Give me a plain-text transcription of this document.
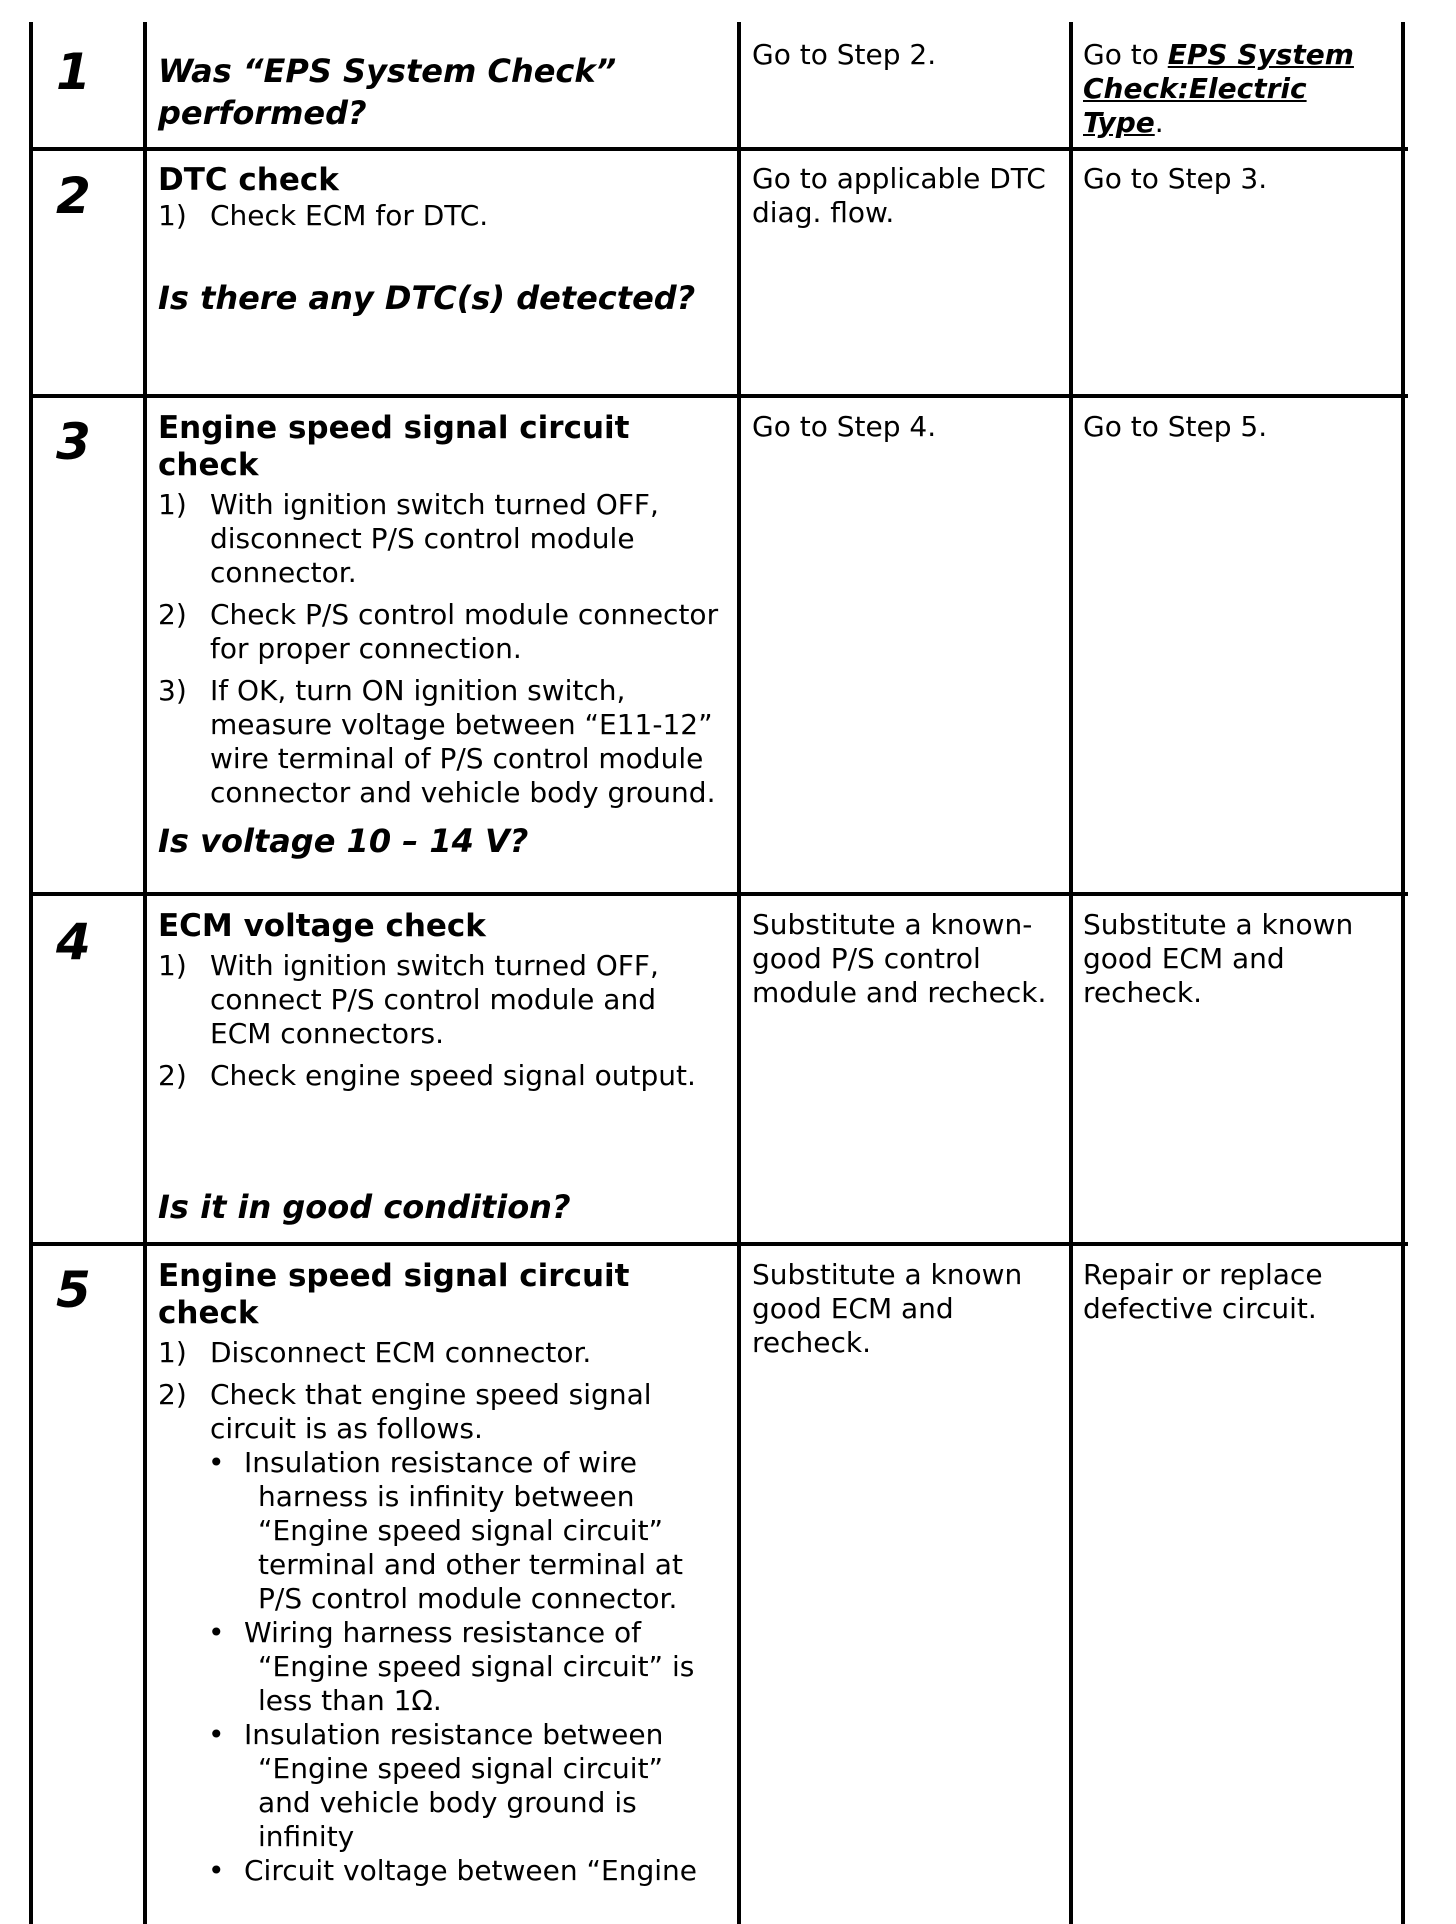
1 Was “EPS System Check” performed?
Go to Step 2.	Go to EPS System Check:Electric Type.
2 DTC check
1) Check ECM for DTC.
Is there any DTC(s) detected?
Go to applicable DTC diag. flow.
Go to Step 3.
3 Engine speed signal circuit check
1) With ignition switch turned OFF, disconnect P/S control module connector.
2) Check P/S control module connector for proper connection.
3) If OK, turn ON ignition switch, measure voltage between “E11-12” wire terminal of P/S control module connector and vehicle body ground.
Is voltage 10 – 14 V?
Go to Step 4.	Go to Step 5.
4 ECM voltage check
1) With ignition switch turned OFF, connect P/S control module and ECM connectors.
2) Check engine speed signal output.
Is it in good condition?
Substitute a known-good P/S control module and recheck.
Substitute a known good ECM and recheck.
5 Engine speed signal circuit check
1) Disconnect ECM connector.
2) Check that engine speed signal circuit is as follows.
• Insulation resistance of wire harness is infinity between “Engine speed signal circuit” terminal and other terminal at P/S control module connector.
• Wiring harness resistance of “Engine speed signal circuit” is less than 1Ω.
• Insulation resistance between “Engine speed signal circuit” and vehicle body ground is infinity
• Circuit voltage between “Engine
Substitute a known good ECM and recheck.
Repair or replace defective circuit.
